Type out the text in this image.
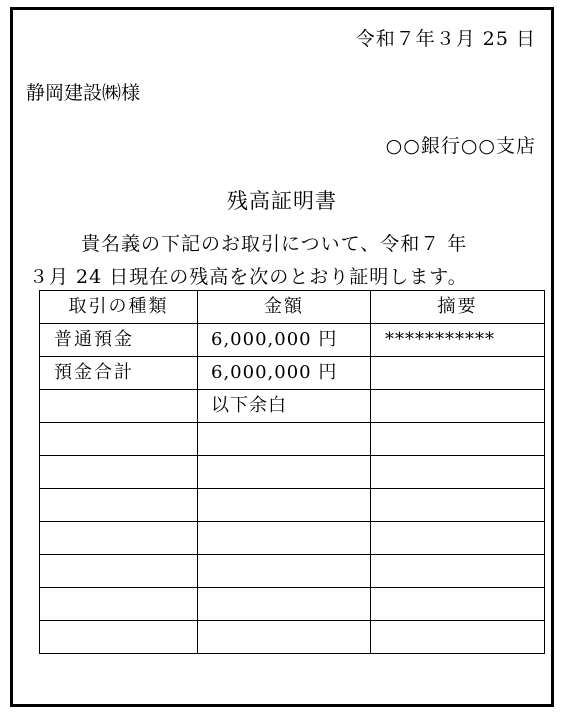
令和７年３月 25 日
静岡建設㈱様
○○銀行○○支店
残高証明書
貴名義の下記のお取引について、令和７ 年
３月 24 日現在の残高を次のとおり証明します。
取引の種類	金額	摘要
普通預金	6,000,000 円	***********
預金合計	6,000,000 円	
	以下余白	
